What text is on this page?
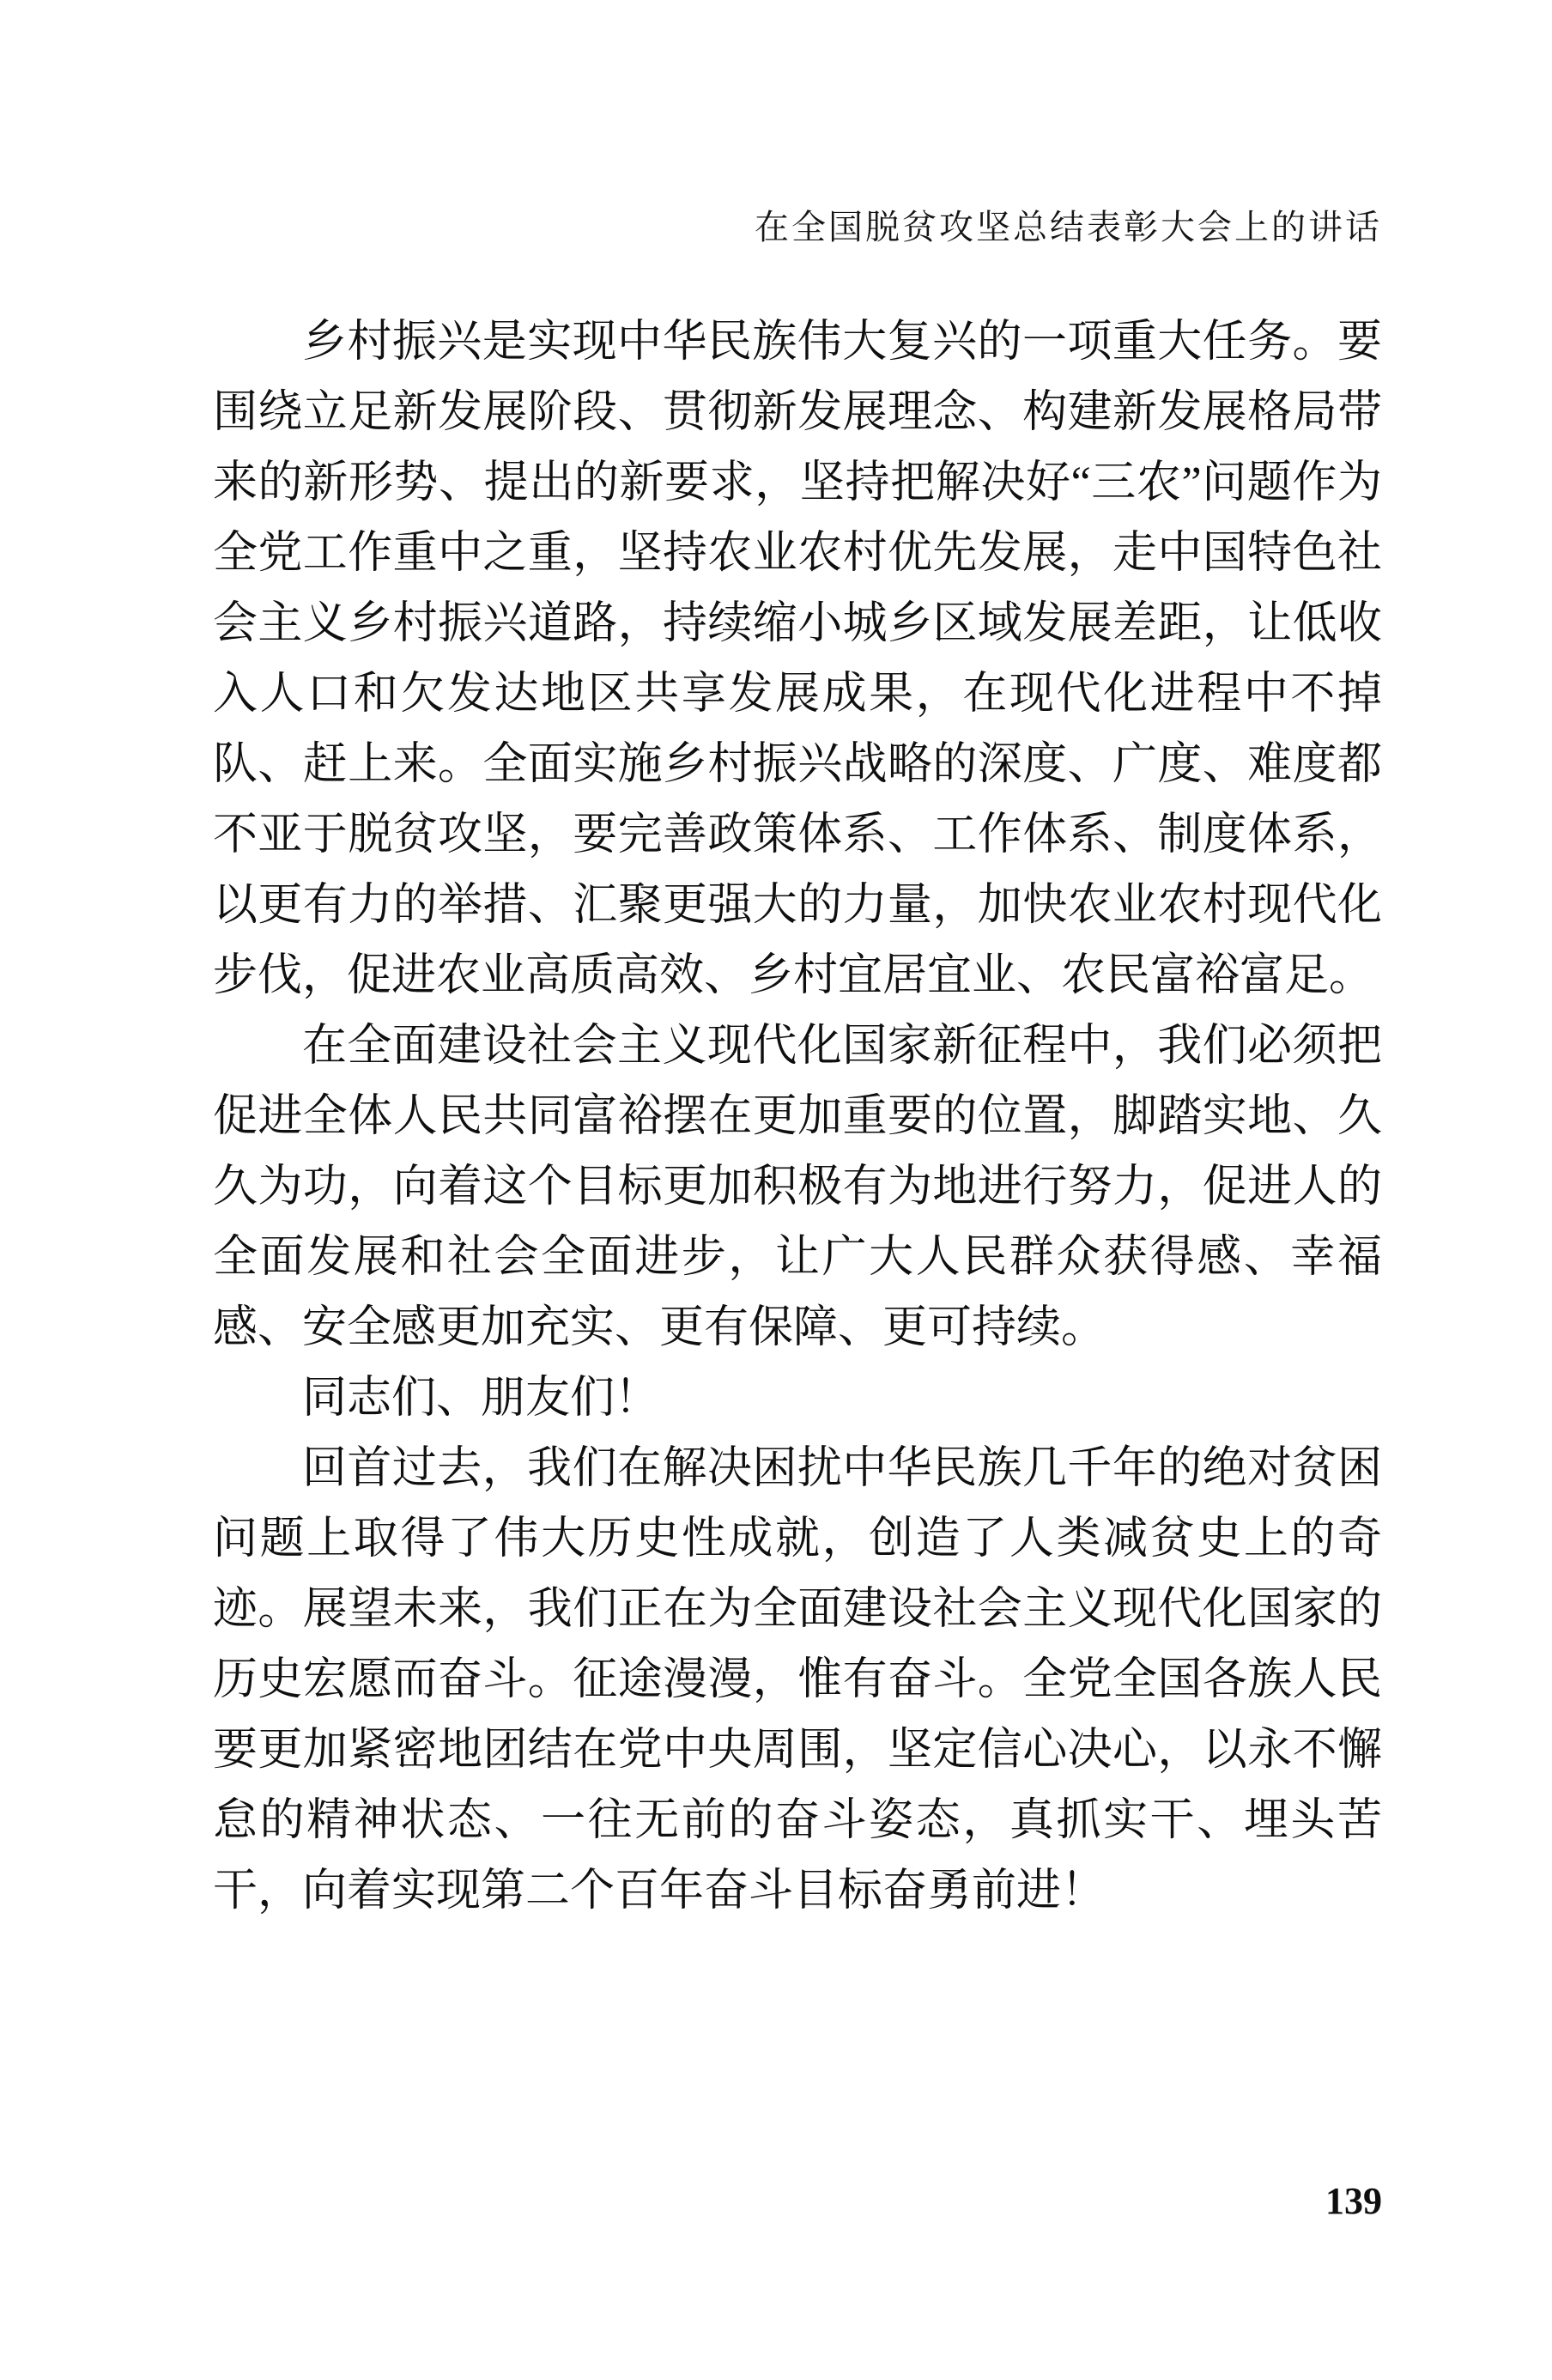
在全国脱贫攻坚总结表彰大会上的讲话

乡村振兴是实现中华民族伟大复兴的一项重大任务。要围绕立足新发展阶段、贯彻新发展理念、构建新发展格局带来的新形势、提出的新要求，坚持把解决好“三农”问题作为全党工作重中之重，坚持农业农村优先发展，走中国特色社会主义乡村振兴道路，持续缩小城乡区域发展差距，让低收入人口和欠发达地区共享发展成果，在现代化进程中不掉队、赶上来。全面实施乡村振兴战略的深度、广度、难度都不亚于脱贫攻坚，要完善政策体系、工作体系、制度体系，以更有力的举措、汇聚更强大的力量，加快农业农村现代化步伐，促进农业高质高效、乡村宜居宜业、农民富裕富足。

在全面建设社会主义现代化国家新征程中，我们必须把促进全体人民共同富裕摆在更加重要的位置，脚踏实地、久久为功，向着这个目标更加积极有为地进行努力，促进人的全面发展和社会全面进步，让广大人民群众获得感、幸福感、安全感更加充实、更有保障、更可持续。

同志们、朋友们！

回首过去，我们在解决困扰中华民族几千年的绝对贫困问题上取得了伟大历史性成就，创造了人类减贫史上的奇迹。展望未来，我们正在为全面建设社会主义现代化国家的历史宏愿而奋斗。征途漫漫，惟有奋斗。全党全国各族人民要更加紧密地团结在党中央周围，坚定信心决心，以永不懈怠的精神状态、一往无前的奋斗姿态，真抓实干、埋头苦干，向着实现第二个百年奋斗目标奋勇前进！

139
